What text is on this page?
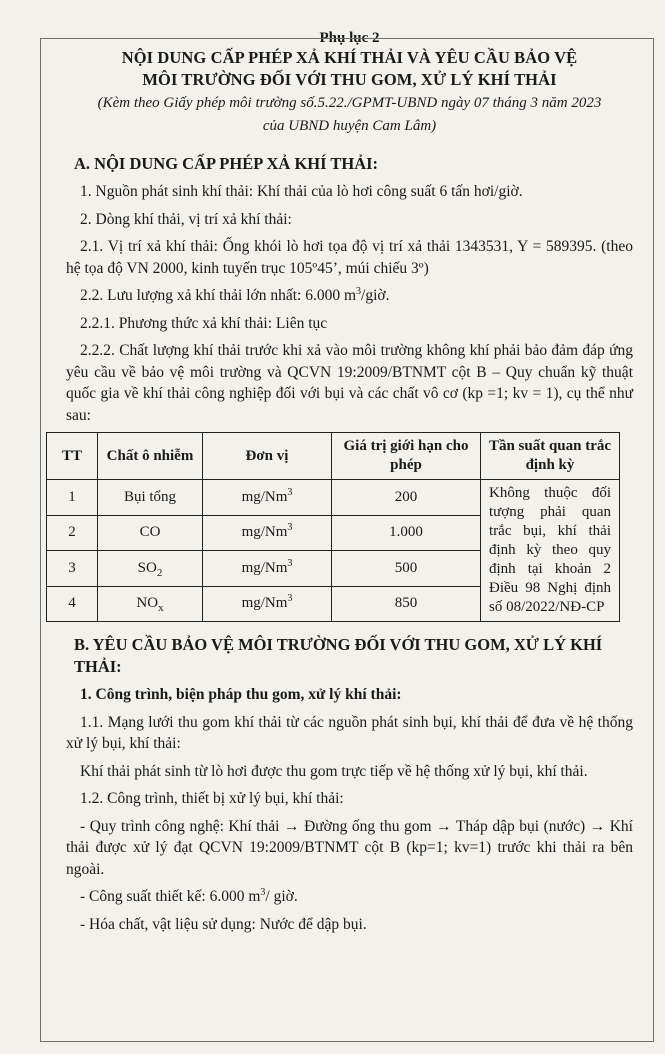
Phụ lục 2
NỘI DUNG CẤP PHÉP XẢ KHÍ THẢI VÀ YÊU CẦU BẢO VỆ
MÔI TRƯỜNG ĐỐI VỚI THU GOM, XỬ LÝ KHÍ THẢI
(Kèm theo Giấy phép môi trường số.5.22./GPMT-UBND ngày 07 tháng 3 năm 2023
của UBND huyện Cam Lâm)
A. NỘI DUNG CẤP PHÉP XẢ KHÍ THẢI:

1. Nguồn phát sinh khí thải: Khí thải của lò hơi công suất 6 tấn hơi/giờ.

2. Dòng khí thải, vị trí xả khí thải:

2.1. Vị trí xả khí thải: Ống khói lò hơi tọa độ vị trí xả thải 1343531, Y = 589395. (theo hệ tọa độ VN 2000, kinh tuyến trục 105º45’, múi chiếu 3º)

2.2. Lưu lượng xả khí thải lớn nhất: 6.000 $m^3$/giờ.

2.2.1. Phương thức xả khí thải: Liên tục

2.2.2. Chất lượng khí thải trước khi xả vào môi trường không khí phải bảo đảm đáp ứng yêu cầu về bảo vệ môi trường và QCVN 19:2009/BTNMT cột B – Quy chuẩn kỹ thuật quốc gia về khí thải công nghiệp đối với bụi và các chất vô cơ (kp =1; kv = 1), cụ thể như sau:

TT	Chất ô nhiễm	Đơn vị	Giá trị giới hạn cho phép	Tần suất quan trắc định kỳ
1	Bụi tổng	mg/Nm$^3$	200	Không thuộc đối tượng phải quan trắc bụi, khí thải định kỳ theo quy định tại khoản 2 Điều 98 Nghị định số 08/2022/NĐ-CP
2	CO	mg/Nm$^3$	1.000	
3	$SO_2$	mg/Nm$^3$	500	
4	$NO_x$	mg/Nm$^3$	850	
B. YÊU CẦU BẢO VỆ MÔI TRƯỜNG ĐỐI VỚI THU GOM, XỬ LÝ KHÍ THẢI:

1. Công trình, biện pháp thu gom, xử lý khí thải:

1.1. Mạng lưới thu gom khí thải từ các nguồn phát sinh bụi, khí thải để đưa về hệ thống xử lý bụi, khí thải:

Khí thải phát sinh từ lò hơi được thu gom trực tiếp về hệ thống xử lý bụi, khí thải.

1.2. Công trình, thiết bị xử lý bụi, khí thải:

- Quy trình công nghệ: Khí thải → Đường ống thu gom → Tháp dập bụi (nước) → Khí thải được xử lý đạt QCVN 19:2009/BTNMT cột B (kp=1; kv=1) trước khi thải ra bên ngoài.

- Công suất thiết kế: 6.000 $m^3/$ giờ.

- Hóa chất, vật liệu sử dụng: Nước để dập bụi.
